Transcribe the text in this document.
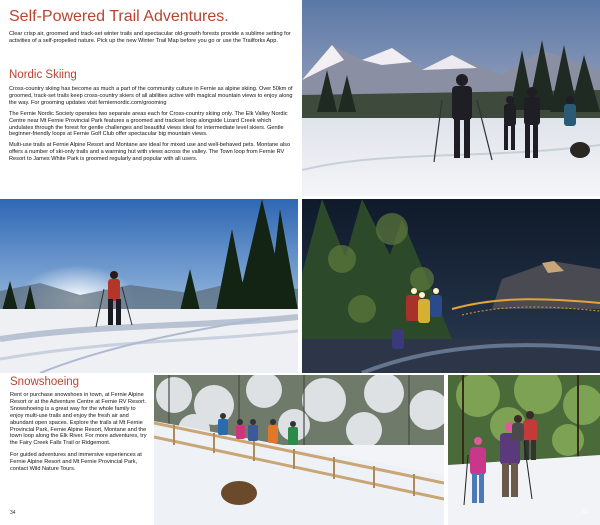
Self-Powered Trail Adventures.

Clear crisp air, groomed and track-set winter trails and spectacular old-growth forests provide a sublime setting for activities of a self-propelled nature. Pick up the new Winter Trail Map before you go or use the Trailforks App.

Nordic Skiing

Cross-country skiing has become as much a part of the community culture in Fernie as alpine skiing. Over 50km of groomed, track-set trails keep cross-country skiers of all abilities active with magical mountain views to enjoy along the way. For grooming updates visit ferniernordic.com/grooming

The Fernie Nordic Society operates two separate areas each for Cross-country skiing only. The Elk Valley Nordic Centre near Mt Fernie Provincial Park features a groomed and trackset loop alongside Lizard Creek which undulates through the forest for gentle challenges and beautiful views ideal for intermediate level skiers. Gentle beginner-friendly loops at Fernie Golf Club offer spectacular big mountain views.

Multi-use trails at Fernie Alpine Resort and Montane are ideal for mixed use and well-behaved pets. Montane also offers a number of ski-only trails and a warming hut with views across the valley. The Town loop from Fernie RV Resort to James White Park is groomed regularly and popular with all users.

Snowshoeing

Rent or purchase snowshoes in town, at Fernie Alpine Resort or at the Adventure Centre at Fernie RV Resort. Snowshoeing is a great way for the whole family to enjoy multi-use trails and enjoy the fresh air and abundant open spaces. Explore the trails at Mt Fernie Provincial Park, Fernie Alpine Resort, Montane and the town loop along the Elk River. For more adventures, try the Fairy Creek Falls Trail or Ridgemont.

For guided adventures and immersive experiences at Fernie Alpine Resort and Mt Fernie Provincial Park, contact Wild Nature Tours.

34	35
